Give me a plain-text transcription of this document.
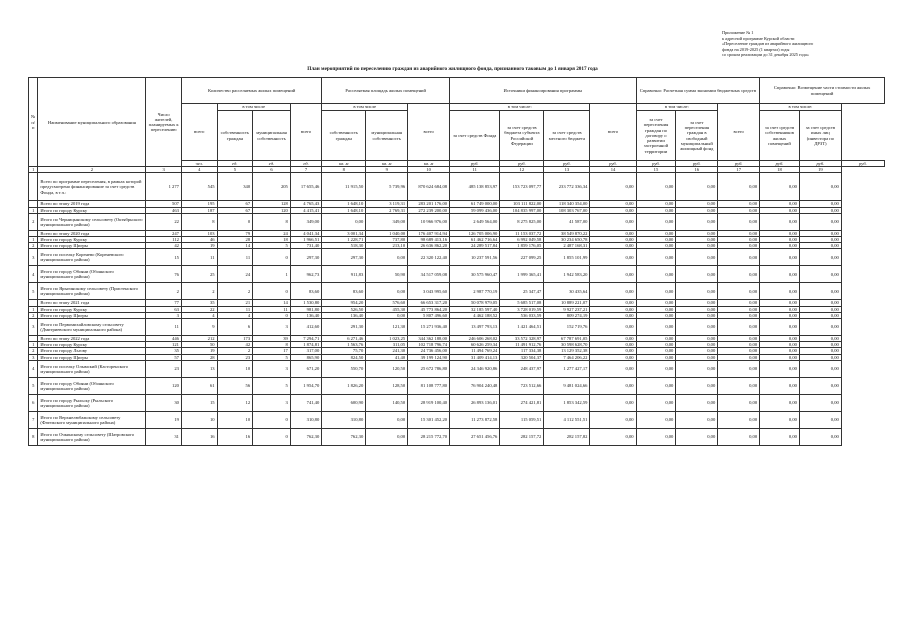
Приложение № 1
к адресной программе Курской области
«Переселение граждан из аварийного жилищного
фонда на 2019-2025 (1 квартал) годы
со сроком реализации до 31 декабря 2025 года»
План мероприятий по переселению граждан из аварийного жилищного фонда, признанного таковым до 1 января 2017 года
№ п/п	Наименование муниципального образования	Число жителей, планируемых к переселению	Количество расселяемых жилых помещений				Расселяемая площадь жилых помещений			Источники финансирования программы				Справочно: Расчетная сумма экономии бюджетных средств			Справочно: Возмещение части стоимости жилых помещений		
			всего	в том числе		всего	в том числе		всего	в том числе:			всего	в том числе:		всего	в том числе:		
				собственность граждан	муниципальная собственность		собственность граждан	муниципальная собственность		за счет средств Фонда	за счет средств бюджета субъекта Российской Федерации	за счет средств местного бюджета		за счет переселения граждан по договору о развитии застроенной территории	за счет переселения граждан в свободный муниципальный жилищный фонд		за счет средств собственников жилых помещений	за счет средств иных лиц (инвестора по ДРЗТ)	

			чел.	ед.	ед.	ед.	кв. м	кв. м	кв. м	руб.	руб.	руб.	руб.	руб.	руб.	руб.	руб.	руб.	руб.
1	2	3	4	5	6	7	8	9	10	11	12	13	14	15	16	17	18	19	
	Всего по программе переселения, в рамках которой предусмотрено финансирование за счет средств Фонда, в т.ч.:	1 277	545	340	205	17 655,46	11 915,50	5 739,96	870 624 684,08	485 138 853,97	153 723 097,77	233 772 336,34	0,00	0,00	0,00	0,00	0,00	0,00	
	Всего по этапу 2019 года	507	195	67	128	4 765,43	1 648,10	3 119,31	283 201 176,00	61 749 000,00	103 111 822,00	118 340 354,00	0,00	0,00	0,00	0,00	0,00	0,00	
1	Итого по городу Курску	463	187	67	120	4 415,41	1 648,10	2 769,31	272 239 200,00	59 099 436,00	104 835 997,00	108 303 767,00	0,00	0,00	0,00	0,00	0,00	0,00	
2	Итого по Черницынскому сельсовету (Октябрьского муниципального района)	22	8	0	8	349,00	0,00	349,00	10 966 976,00	2 649 564,00	8 275 825,00	41 587,00	0,00	0,00	0,00	0,00	0,00	0,00	
	Всего по этапу 2020 года	247	103	79	24	4 041,34	3 001,34	1 040,00	176 407 914,94	126 705 006,90	11 153 037,72	38 549 870,22	0,00	0,00	0,00	0,00	0,00	0,00	
1	Итого по городу Курску	112	46	28	18	1 966,51	1 228,71	737,80	98 689 413,16	61 462 716,64	6 992 049,58	30 234 650,78	0,00	0,00	0,00	0,00	0,00	0,00	
2	Итого по городу Щигры	42	19	14	5	731,40	518,30	213,10	26 636 862,20	24 289 517,84	1 859 176,05	2 487 168,31	0,00	0,00	0,00	0,00	0,00	0,00	
3	Итого по поселку Коренево (Кореневского муниципального района)	15	11	11	0	297,30	297,30	0,00	22 320 122,40	10 237 591,56	227 099,25	1 855 101,99	0,00	0,00	0,00	0,00	0,00	0,00	
4	Итого по городу Обояни (Обоянского муниципального района)	76	25	24	1	962,73	911,83	50,90	34 517 059,08	30 575 960,47	1 999 365,41	1 942 583,20	0,00	0,00	0,00	0,00	0,00	0,00	
5	Итого по Ярыгинскому сельсовету (Пристенского муниципального района)	2	2	2	0	83,60	83,60	0,00	3 043 995,60	2 987 770,19	25 347,47	30 435,64	0,00	0,00	0,00	0,00	0,00	0,00	
	Всего по этапу 2021 года	77	35	21	14	1 530,80	954,20	576,60	66 653 317,20	50 078 979,05	5 685 517,08	10 889 221,07	0,00	0,00	0,00	0,00	0,00	0,00	
1	Итого по городу Курску	63	22	11	11	981,80	526,50	455,30	45 773 864,20	32 185 597,40	3 728 019,59	9 927 237,21	0,00	0,00	0,00	0,00	0,00	0,00	
2	Итого по городу Щигры	3	4	4	0	136,40	136,40	0,00	5 807 496,60	4 462 188,52	536 033,59	809 274,19	0,00	0,00	0,00	0,00	0,00	0,00	
3	Итого по Первомихайловскому сельсовету (Дмитриевского муниципального района)	11	9	6	3	412,60	291,30	121,30	15 271 936,40	13 497 793,13	1 421 464,51	152 719,76	0,00	0,00	0,00	0,00	0,00	0,00	
	Всего по этапу 2022 года	446	212	173	39	7 294,71	6 271,46	1 023,25	344 362 188,00	246 606 268,02	33 572 328,97	67 787 691,05	0,00	0,00	0,00	0,00	0,00	0,00	
1	Итого по городу Курску	121	50	42	8	1 874,81	1 563,76	311,05	102 718 796,74	60 626 259,34	11 491 912,76	30 598 628,70	0,00	0,00	0,00	0,00	0,00	0,00	
2	Итого по городу Льгову	35	19	2	17	317,00	75,70	241,30	24 736 456,00	11 494 769,24	117 334,38	13 129 352,38	0,00	0,00	0,00	0,00	0,00	0,00	
3	Итого по городу Щигры	57	28	23	5	865,90	824,50	41,40	39 199 124,90	31 409 414,13	320 504,37	7 464 206,22	0,00	0,00	0,00	0,00	0,00	0,00	
4	Итого по поселку Олымский (Касторенского муниципального района)	23	13	10	3	671,20	550,70	120,50	25 672 786,80	24 346 920,86	248 437,97	1 277 427,17	0,00	0,00	0,00	0,00	0,00	0,00	
5	Итого по городу Обояни (Обоянского муниципального района)	120	61	56	5	1 954,70	1 826,20	128,50	81 108 777,80	76 904 240,48	723 512,66	9 481 024,66	0,00	0,00	0,00	0,00	0,00	0,00	
6	Итого по городу Рыльску (Рыльского муниципального района)	30	15	12	3	741,40	600,90	140,50	28 919 100,40	26 893 136,01	274 421,81	1 853 342,59	0,00	0,00	0,00	0,00	0,00	0,00	
7	Итого по Верхнелюбажскому сельсовету (Фатежского муниципального района)	19	10	10	0	310,80	310,80	0,00	15 301 452,20	11 273 872,58	115 059,51	4 112 551,51	0,00	0,00	0,00	0,00	0,00	0,00	
8	Итого по Очкинскому сельсовету (Шатровского муниципального района)	31	16	16	0	762,30	762,30	0,00	28 215 772,70	27 651 456,76	282 157,72	282 157,82	0,00	0,00	0,00	0,00	0,00	0,00	
